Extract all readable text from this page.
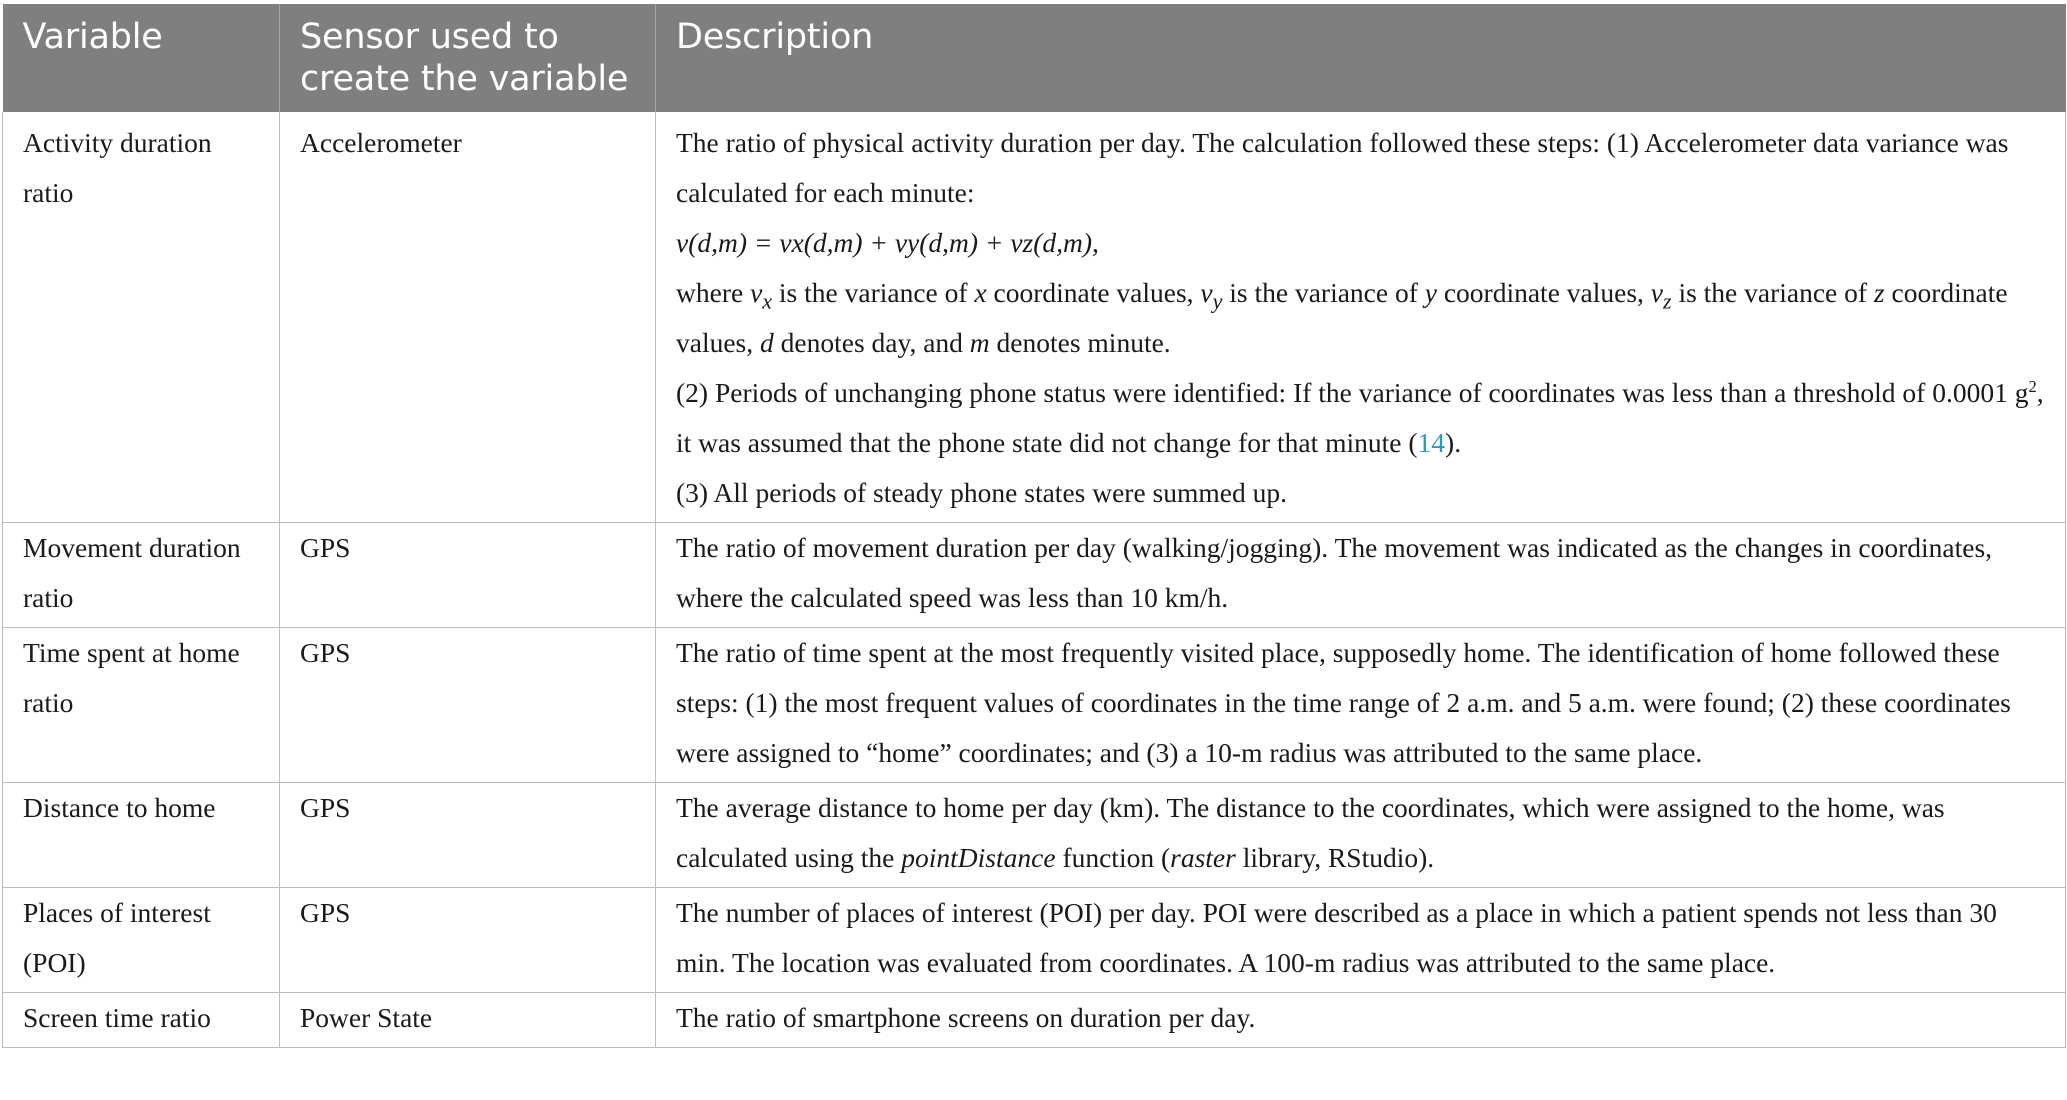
Variable	Sensor used to create the variable	Description
Activity duration ratio	Accelerometer	The ratio of physical activity duration per day. The calculation followed these steps: (1) Accelerometer data variance was calculated for each minute:
v(d,m) = vx(d,m) + vy(d,m) + vz(d,m),
where $v_x$ is the variance of x coordinate values, $v_y$ is the variance of y coordinate values, $v_z$ is the variance of z coordinate values, d denotes day, and m denotes minute.
(2) Periods of unchanging phone status were identified: If the variance of coordinates was less than a threshold of 0.0001 $g^2$, it was assumed that the phone state did not change for that minute (14).
(3) All periods of steady phone states were summed up.

Movement duration ratio	GPS	The ratio of movement duration per day (walking/jogging). The movement was indicated as the changes in coordinates, where the calculated speed was less than 10 km/h.
Time spent at home ratio	GPS	The ratio of time spent at the most frequently visited place, supposedly home. The identification of home followed these steps: (1) the most frequent values of coordinates in the time range of 2 a.m. and 5 a.m. were found; (2) these coordinates were assigned to “home” coordinates; and (3) a 10-m radius was attributed to the same place.
Distance to home	GPS	The average distance to home per day (km). The distance to the coordinates, which were assigned to the home, was calculated using the pointDistance function (raster library, RStudio).
Places of interest (POI)	GPS	The number of places of interest (POI) per day. POI were described as a place in which a patient spends not less than 30 min. The location was evaluated from coordinates. A 100-m radius was attributed to the same place.
Screen time ratio	Power State	The ratio of smartphone screens on duration per day.
